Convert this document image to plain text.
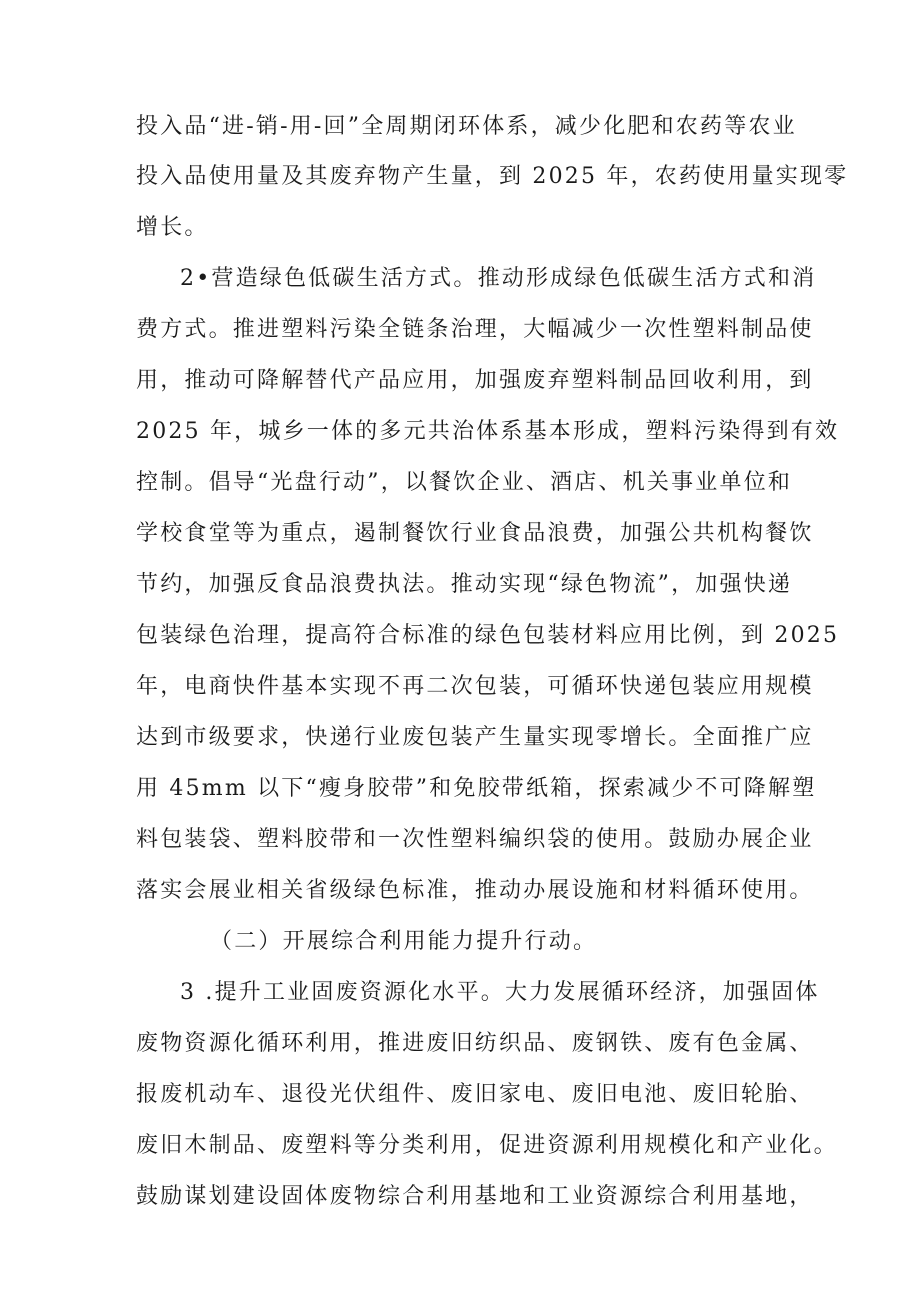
投入品“进-销-用-回”全周期闭环体系，减少化肥和农药等农业
投入品使用量及其废弃物产生量，到 2025 年，农药使用量实现零
增长。
2•营造绿色低碳生活方式。推动形成绿色低碳生活方式和消
费方式。推进塑料污染全链条治理，大幅减少一次性塑料制品使
用，推动可降解替代产品应用，加强废弃塑料制品回收利用，到
2025 年，城乡一体的多元共治体系基本形成，塑料污染得到有效
控制。倡导“光盘行动”，以餐饮企业、酒店、机关事业单位和
学校食堂等为重点，遏制餐饮行业食品浪费，加强公共机构餐饮
节约，加强反食品浪费执法。推动实现“绿色物流”，加强快递
包装绿色治理，提高符合标准的绿色包装材料应用比例，到 2025
年，电商快件基本实现不再二次包装，可循环快递包装应用规模
达到市级要求，快递行业废包装产生量实现零增长。全面推广应
用 45mm 以下“瘦身胶带”和免胶带纸箱，探索减少不可降解塑
料包装袋、塑料胶带和一次性塑料编织袋的使用。鼓励办展企业
落实会展业相关省级绿色标准，推动办展设施和材料循环使用。
（二）开展综合利用能力提升行动。
3 .提升工业固废资源化水平。大力发展循环经济，加强固体
废物资源化循环利用，推进废旧纺织品、废钢铁、废有色金属、
报废机动车、退役光伏组件、废旧家电、废旧电池、废旧轮胎、
废旧木制品、废塑料等分类利用，促进资源利用规模化和产业化。
鼓励谋划建设固体废物综合利用基地和工业资源综合利用基地，
